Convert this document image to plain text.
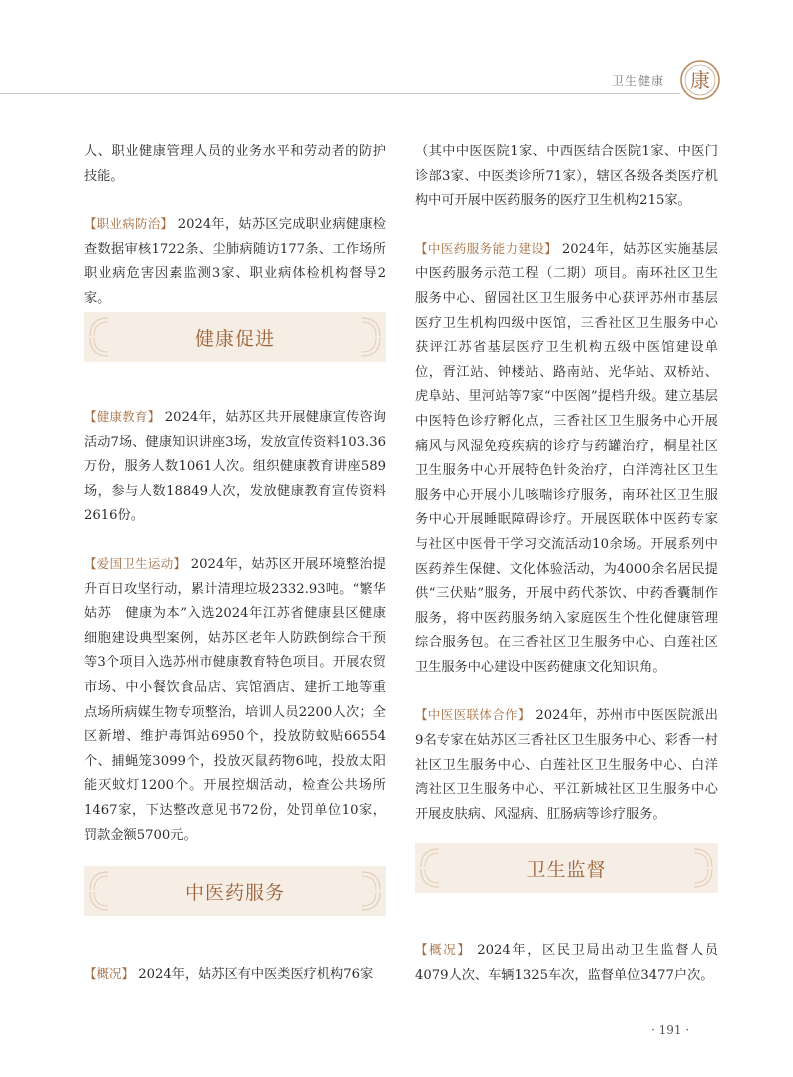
卫生健康 康

人、职业健康管理人员的业务水平和劳动者的防护技能。

【职业病防治】 2024年，姑苏区完成职业病健康检查数据审核1722条、尘肺病随访177条、工作场所职业病危害因素监测3家、职业病体检机构督导2家。

健康促进

【健康教育】 2024年，姑苏区共开展健康宣传咨询活动7场、健康知识讲座3场，发放宣传资料103.36万份，服务人数1061人次。组织健康教育讲座589场，参与人数18849人次，发放健康教育宣传资料2616份。

【爱国卫生运动】 2024年，姑苏区开展环境整治提升百日攻坚行动，累计清理垃圾2332.93吨。“繁华姑苏　健康为本”入选2024年江苏省健康县区健康细胞建设典型案例，姑苏区老年人防跌倒综合干预等3个项目入选苏州市健康教育特色项目。开展农贸市场、中小餐饮食品店、宾馆酒店、建折工地等重点场所病媒生物专项整治，培训人员2200人次；全区新增、维护毒饵站6950个，投放防蚊贴66554个、捕蝇笼3099个，投放灭鼠药物6吨，投放太阳能灭蚊灯1200个。开展控烟活动，检查公共场所1467家，下达整改意见书72份，处罚单位10家，罚款金额5700元。

中医药服务

【概况】 2024年，姑苏区有中医类医疗机构76家

（其中中医医院1家、中西医结合医院1家、中医门诊部3家、中医类诊所71家），辖区各级各类医疗机构中可开展中医药服务的医疗卫生机构215家。

【中医药服务能力建设】 2024年，姑苏区实施基层中医药服务示范工程（二期）项目。南环社区卫生服务中心、留园社区卫生服务中心获评苏州市基层医疗卫生机构四级中医馆，三香社区卫生服务中心获评江苏省基层医疗卫生机构五级中医馆建设单位，胥江站、钟楼站、路南站、光华站、双桥站、虎阜站、里河站等7家“中医阁”提档升级。建立基层中医特色诊疗孵化点，三香社区卫生服务中心开展痛风与风湿免疫疾病的诊疗与药罐治疗，桐星社区卫生服务中心开展特色针灸治疗，白洋湾社区卫生服务中心开展小儿咳喘诊疗服务，南环社区卫生服务中心开展睡眠障碍诊疗。开展医联体中医药专家与社区中医骨干学习交流活动10余场。开展系列中医药养生保健、文化体验活动，为4000余名居民提供“三伏贴”服务，开展中药代茶饮、中药香囊制作服务，将中医药服务纳入家庭医生个性化健康管理综合服务包。在三香社区卫生服务中心、白莲社区卫生服务中心建设中医药健康文化知识角。

【中医医联体合作】 2024年，苏州市中医医院派出9名专家在姑苏区三香社区卫生服务中心、彩香一村社区卫生服务中心、白莲社区卫生服务中心、白洋湾社区卫生服务中心、平江新城社区卫生服务中心开展皮肤病、风湿病、肛肠病等诊疗服务。

卫生监督

【概况】 2024年，区民卫局出动卫生监督人员4079人次、车辆1325车次，监督单位3477户次。

· 191 ·
